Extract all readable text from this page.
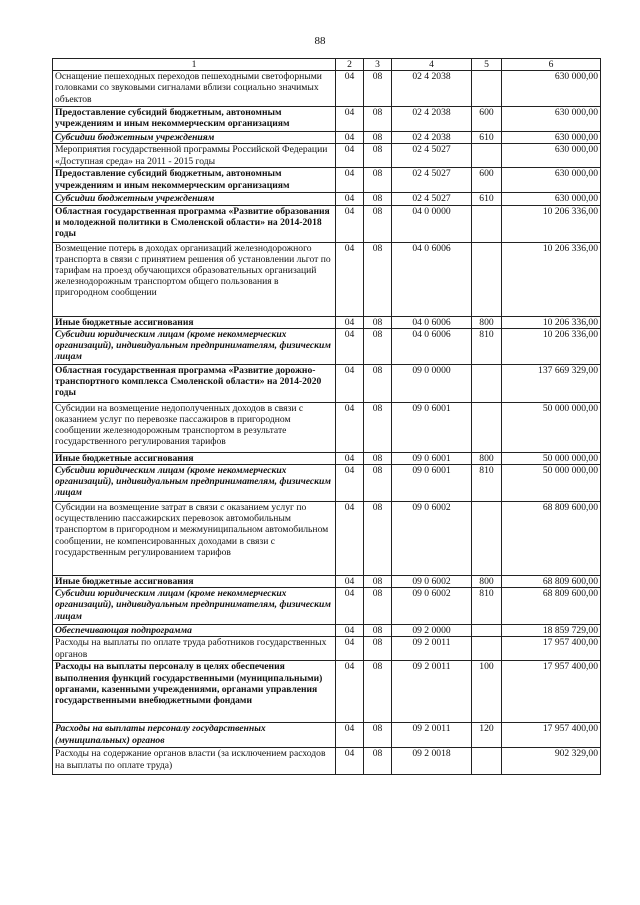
88
1	2	3	4	5	6
Оснащение пешеходных переходов пешеходными светофорными головками со звуковыми сигналами вблизи социально значимых объектов	04	08	02 4 2038		630 000,00
Предоставление субсидий бюджетным, автономным учреждениям и иным некоммерческим организациям	04	08	02 4 2038	600	630 000,00
Субсидии бюджетным учреждениям	04	08	02 4 2038	610	630 000,00
Мероприятия государственной программы Российской Федерации «Доступная среда» на 2011 - 2015 годы	04	08	02 4 5027		630 000,00
Предоставление субсидий бюджетным, автономным учреждениям и иным некоммерческим организациям	04	08	02 4 5027	600	630 000,00
Субсидии бюджетным учреждениям	04	08	02 4 5027	610	630 000,00
Областная государственная программа «Развитие образования и молодежной политики в Смоленской области» на 2014-2018 годы	04	08	04 0 0000		10 206 336,00
Возмещение потерь в доходах организаций железнодорожного транспорта в связи с принятием решения об установлении льгот по тарифам на проезд обучающихся образовательных организаций железнодорожным транспортом общего пользования в пригородном сообщении	04	08	04 0 6006		10 206 336,00
Иные бюджетные ассигнования	04	08	04 0 6006	800	10 206 336,00
Субсидии юридическим лицам (кроме некоммерческих организаций), индивидуальным предпринимателям, физическим лицам	04	08	04 0 6006	810	10 206 336,00
Областная государственная программа «Развитие дорожно-транспортного комплекса Смоленской области» на 2014-2020 годы	04	08	09 0 0000		137 669 329,00
Субсидии на возмещение недополученных доходов в связи с оказанием услуг по перевозке пассажиров в пригородном сообщении железнодорожным транспортом в результате государственного регулирования тарифов	04	08	09 0 6001		50 000 000,00
Иные бюджетные ассигнования	04	08	09 0 6001	800	50 000 000,00
Субсидии юридическим лицам (кроме некоммерческих организаций), индивидуальным предпринимателям, физическим лицам	04	08	09 0 6001	810	50 000 000,00
Субсидии на возмещение затрат в связи с оказанием услуг по осуществлению пассажирских перевозок автомобильным транспортом в пригородном и межмуниципальном автомобильном сообщении, не компенсированных доходами в связи с государственным регулированием тарифов	04	08	09 0 6002		68 809 600,00
Иные бюджетные ассигнования	04	08	09 0 6002	800	68 809 600,00
Субсидии юридическим лицам (кроме некоммерческих организаций), индивидуальным предпринимателям, физическим лицам	04	08	09 0 6002	810	68 809 600,00
Обеспечивающая подпрограмма	04	08	09 2 0000		18 859 729,00
Расходы на выплаты по оплате труда работников государственных органов	04	08	09 2 0011		17 957 400,00
Расходы на выплаты персоналу в целях обеспечения выполнения функций государственными (муниципальными) органами, казенными учреждениями, органами управления государственными внебюджетными фондами	04	08	09 2 0011	100	17 957 400,00
Расходы на выплаты персоналу государственных (муниципальных) органов	04	08	09 2 0011	120	17 957 400,00
Расходы на содержание органов власти (за исключением расходов на выплаты по оплате труда)	04	08	09 2 0018		902 329,00
